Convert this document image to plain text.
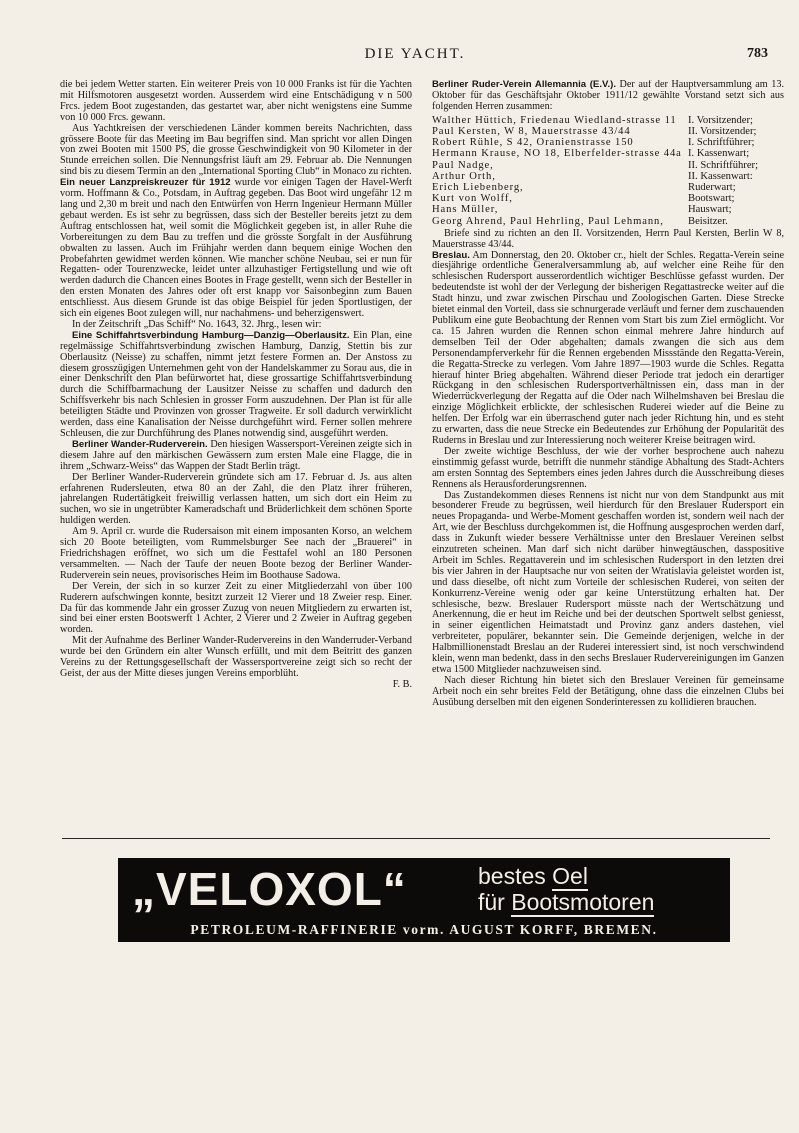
DIE YACHT.	783

die bei jedem Wetter starten. Ein weiterer Preis von 10 000 Franks ist für die Yachten mit Hilfsmotoren ausgesetzt worden. Ausserdem wird eine Entschädigung v n 500 Frcs. jedem Boot zugestanden, das gestartet war, aber nicht wenigstens eine Summe von 10 000 Frcs. gewann.

Aus Yachtkreisen der verschiedenen Länder kommen bereits Nachrichten, dass grössere Boote für das Meeting im Bau begriffen sind. Man spricht vor allen Dingen von zwei Booten mit 1500 PS, die grosse Geschwindigkeit von 90 Kilometer in der Stunde erreichen sollen. Die Nennungsfrist läuft am 29. Februar ab. Die Nennungen sind bis zu diesem Termin an den „International Sporting Club“ in Monaco zu richten.

Ein neuer Lanzpreiskreuzer für 1912 wurde vor einigen Tagen der Havel-Werft vorm. Hoffmann & Co., Potsdam, in Auftrag gegeben. Das Boot wird ungefähr 12 m lang und 2,30 m breit und nach den Entwürfen von Herrn Ingenieur Hermann Müller gebaut werden. Es ist sehr zu begrüssen, dass sich der Besteller bereits jetzt zu dem Auftrag entschlossen hat, weil somit die Möglichkeit gegeben ist, in aller Ruhe die Vorbereitungen zu dem Bau zu treffen und die grösste Sorgfalt in der Ausführung obwalten zu lassen. Auch im Frühjahr werden dann bequem einige Wochen den Probefahrten gewidmet werden können. Wie mancher schöne Neubau, sei er nun für Regatten- oder Tourenzwecke, leidet unter allzuhastiger Fertigstellung und wie oft werden dadurch die Chancen eines Bootes in Frage gestellt, wenn sich der Besteller in den ersten Monaten des Jahres oder oft erst knapp vor Saisonbeginn zum Bauen entschliesst. Aus diesem Grunde ist das obige Beispiel für jeden Sportlustigen, der sich ein eigenes Boot zulegen will, nur nachahmens- und beherzigenswert.

In der Zeitschrift „Das Schiff“ No. 1643, 32. Jhrg., lesen wir:

Eine Schiffahrtsverbindung Hamburg—Danzig—Oberlausitz. Ein Plan, eine regelmässige Schiffahrtsverbindung zwischen Hamburg, Danzig, Stettin bis zur Oberlausitz (Neisse) zu schaffen, nimmt jetzt festere Formen an. Der Anstoss zu diesem grosszügigen Unternehmen geht von der Handelskammer zu Sorau aus, die in einer Denkschrift den Plan befürwortet hat, diese grossartige Schiffahrtsverbindung durch die Schiffbarmachung der Lausitzer Neisse zu schaffen und dadurch den Schiffsverkehr bis nach Schlesien in grosser Form auszudehnen. Der Plan ist für alle beteiligten Städte und Provinzen von grosser Tragweite. Er soll dadurch verwirklicht werden, dass eine Kanalisation der Neisse durchgeführt wird. Ferner sollen mehrere Schleusen, die zur Durchführung des Planes notwendig sind, ausgeführt werden.

Berliner Wander-Ruderverein. Den hiesigen Wassersport-Vereinen zeigte sich in diesem Jahre auf den märkischen Gewässern zum ersten Male eine Flagge, die in ihrem „Schwarz-Weiss“ das Wappen der Stadt Berlin trägt.

Der Berliner Wander-Ruderverein gründete sich am 17. Februar d. Js. aus alten erfahrenen Rudersleuten, etwa 80 an der Zahl, die den Platz ihrer früheren, jahrelangen Rudertätigkeit freiwillig verlassen hatten, um sich dort ein Heim zu suchen, wo sie in ungetrübter Kameradschaft und Brüderlichkeit dem schönen Sporte huldigen werden.

Am 9. April cr. wurde die Rudersaison mit einem imposanten Korso, an welchem sich 20 Boote beteiligten, vom Rummelsburger See nach der „Brauerei“ in Friedrichshagen eröffnet, wo sich um die Festtafel wohl an 180 Personen versammelten. — Nach der Taufe der neuen Boote bezog der Berliner Wander-Ruderverein sein neues, provisorisches Heim im Boothause Sadowa.

Der Verein, der sich in so kurzer Zeit zu einer Mitgliederzahl von über 100 Ruderern aufschwingen konnte, besitzt zurzeit 12 Vierer und 18 Zweier resp. Einer. Da für das kommende Jahr ein grosser Zuzug von neuen Mitgliedern zu erwarten ist, sind bei einer ersten Bootswerft 1 Achter, 2 Vierer und 2 Zweier in Auftrag gegeben worden.

Mit der Aufnahme des Berliner Wander-Rudervereins in den Wanderruder-Verband wurde bei den Gründern ein alter Wunsch erfüllt, und mit dem Beitritt des ganzen Vereins zu der Rettungsgesellschaft der Wassersportvereine zeigt sich so recht der Geist, der aus der Mitte dieses jungen Vereins emporblüht.

F. B.

Berliner Ruder-Verein Allemannia (E.V.). Der auf der Hauptversammlung am 13. Oktober für das Geschäftsjahr Oktober 1911/12 gewählte Vorstand setzt sich aus folgenden Herren zusammen:

Walther Hüttich, Friedenau Wiedland-strasse 11	I. Vorsitzender;
Paul Kersten, W 8, Mauerstrasse 43/44	II. Vorsitzender;
Robert Rühle, S 42, Oranienstrasse 150	I. Schriftführer;
Hermann Krause, NO 18, Elberfelder-strasse 44a I. Kassenwart;
Paul Nadge,	II. Schriftführer;
Arthur Orth,	II. Kassenwart:
Erich Liebenberg,	Ruderwart;
Kurt von Wolff,	Bootswart;
Hans Müller,	Hauswart;
Georg Ahrend, Paul Hehrling, Paul Lehmann,	Beisitzer.

Briefe sind zu richten an den II. Vorsitzenden, Herrn Paul Kersten, Berlin W 8, Mauerstrasse 43/44.

Breslau. Am Donnerstag, den 20. Oktober cr., hielt der Schles. Regatta-Verein seine diesjährige ordentliche Generalversammlung ab, auf welcher eine Reihe für den schlesischen Rudersport ausserordentlich wichtiger Beschlüsse gefasst wurden. Der bedeutendste ist wohl der der Verlegung der bisherigen Regattastrecke weiter auf die Stadt hinzu, und zwar zwischen Pirschau und Zoologischen Garten. Diese Strecke bietet einmal den Vorteil, dass sie schnurgerade verläuft und ferner dem zuschauenden Publikum eine gute Beobachtung der Rennen vom Start bis zum Ziel ermöglicht. Vor ca. 15 Jahren wurden die Rennen schon einmal mehrere Jahre hindurch auf demselben Teil der Oder abgehalten; damals zwangen die sich aus dem Personendampferverkehr für die Rennen ergebenden Missstände den Regatta-Verein, die Regatta-Strecke zu verlegen. Vom Jahre 1897—1903 wurde die Schles. Regatta hierauf hinter Brieg abgehalten. Während dieser Periode trat jedoch ein derartiger Rückgang in den schlesischen Rudersportverhältnissen ein, dass man in der Wiederrückverlegung der Regatta auf die Oder nach Wilhelmshaven bei Breslau die einzige Möglichkeit erblickte, der schlesischen Ruderei wieder auf die Beine zu helfen. Der Erfolg war ein überraschend guter nach jeder Richtung hin, und es steht zu erwarten, dass die neue Strecke ein Bedeutendes zur Erhöhung der Popularität des Ruderns in Breslau und zur Interessierung noch weiterer Kreise beitragen wird.

Der zweite wichtige Beschluss, der wie der vorher besprochene auch nahezu einstimmig gefasst wurde, betrifft die nunmehr ständige Abhaltung des Stadt-Achters am ersten Sonntag des Septembers eines jeden Jahres durch die Ausschreibung dieses Rennens als Herausforderungsrennen.

Das Zustandekommen dieses Rennens ist nicht nur von dem Standpunkt aus mit besonderer Freude zu begrüssen, weil hierdurch für den Breslauer Rudersport ein neues Propaganda- und Werbe-Moment geschaffen worden ist, sondern weil nach der Art, wie der Beschluss durchgekommen ist, die Hoffnung ausgesprochen werden darf, dass in Zukunft wieder bessere Verhältnisse unter den Breslauer Vereinen selbst einzutreten scheinen. Man darf sich nicht darüber hinwegtäuschen, dasspositive Arbeit im Schles. Regattaverein und im schlesischen Rudersport in den letzten drei bis vier Jahren in der Hauptsache nur von seiten der Wratislavia geleistet worden ist, und dass dieselbe, oft nicht zum Vorteile der schlesischen Ruderei, von seiten der Konkurrenz-Vereine wenig oder gar keine Unterstützung erhalten hat. Der schlesische, bezw. Breslauer Rudersport müsste nach der Wertschätzung und Anerkennung, die er heut im Reiche und bei der deutschen Sportwelt selbst geniesst, in seiner eigentlichen Heimatstadt und Provinz ganz anders dastehen, viel verbreiteter, populärer, bekannter sein. Die Gemeinde derjenigen, welche in der Halbmillionenstadt Breslau an der Ruderei interessiert sind, ist noch verschwindend klein, wenn man bedenkt, dass in den sechs Breslauer Rudervereinigungen im Ganzen etwa 1500 Mitglieder nachzuweisen sind.

Nach dieser Richtung hin bietet sich den Breslauer Vereinen für gemeinsame Arbeit noch ein sehr breites Feld der Betätigung, ohne dass die einzelnen Clubs bei Ausübung derselben mit den eigenen Sonderinteressen zu kollidieren brauchen.

„VELOXOL“	bestes Oel
für Bootsmotoren
PETROLEUM-RAFFINERIE vorm. AUGUST KORFF, BREMEN.
